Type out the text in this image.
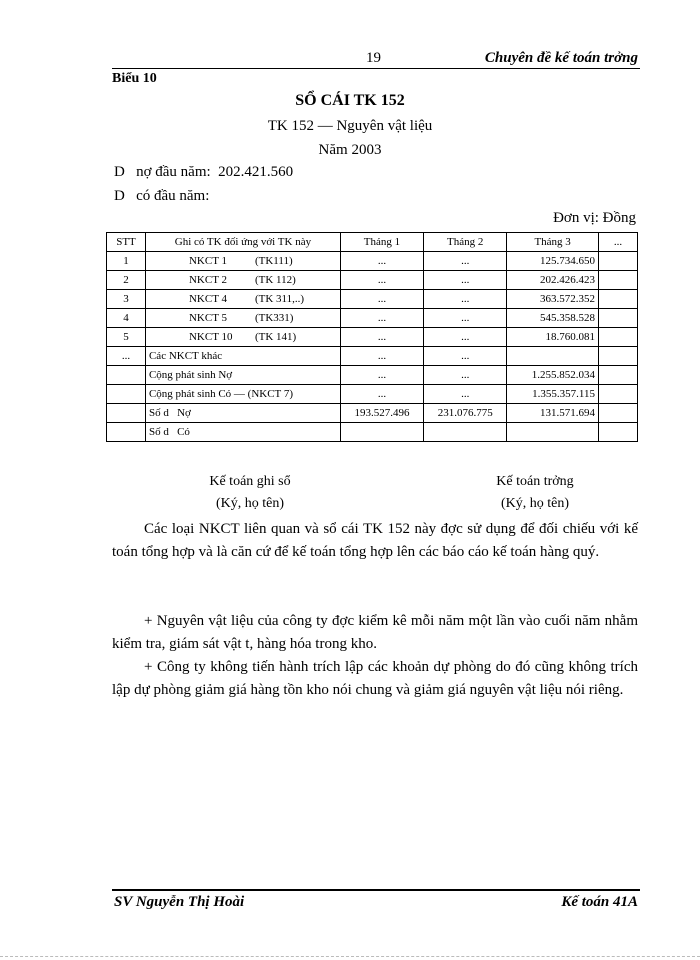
19	Chuyên đề kế toán trởng
Biểu 10
SỔ CÁI TK 152
TK 152 — Nguyên vật liệu
Năm 2003
D   nợ đầu năm:  202.421.560
D   có đầu năm:
Đơn vị: Đồng
STT	Ghi có TK đối ứng với TK này	Tháng 1	Tháng 2	Tháng 3	...
1	NKCT 1 (TK111)	...	...	125.734.650	
2	NKCT 2 (TK 112)	...	...	202.426.423	
3	NKCT 4 (TK 311,..)	...	...	363.572.352	
4	NKCT 5 (TK331)	...	...	545.358.528	
5	NKCT 10 (TK 141)	...	...	18.760.081	
...	Các NKCT khác	...	...		
	Cộng phát sinh Nợ	...	...	1.255.852.034	
	Cộng phát sinh Có — (NKCT 7)	...	...	1.355.357.115	
	Số d   Nợ	193.527.496	231.076.775	131.571.694	
	Số d   Có				
Kế toán ghi sổ
(Ký, họ tên)
Kế toán trởng
(Ký, họ tên)
Các loại NKCT liên quan và sổ cái TK 152 này đợc sử dụng để đối chiếu với kế toán tổng hợp và là căn cứ để kế toán tổng hợp lên các báo cáo kế toán hàng quý.
+ Nguyên vật liệu của công ty đợc kiểm kê mỗi năm một lần vào cuối năm nhằm kiểm tra, giám sát vật t, hàng hóa trong kho.
+ Công ty không tiến hành trích lập các khoản dự phòng do đó cũng không trích lập dự phòng giảm giá hàng tồn kho nói chung và giảm giá nguyên vật liệu nói riêng.
SV Nguyễn Thị Hoài	Kế toán 41A
